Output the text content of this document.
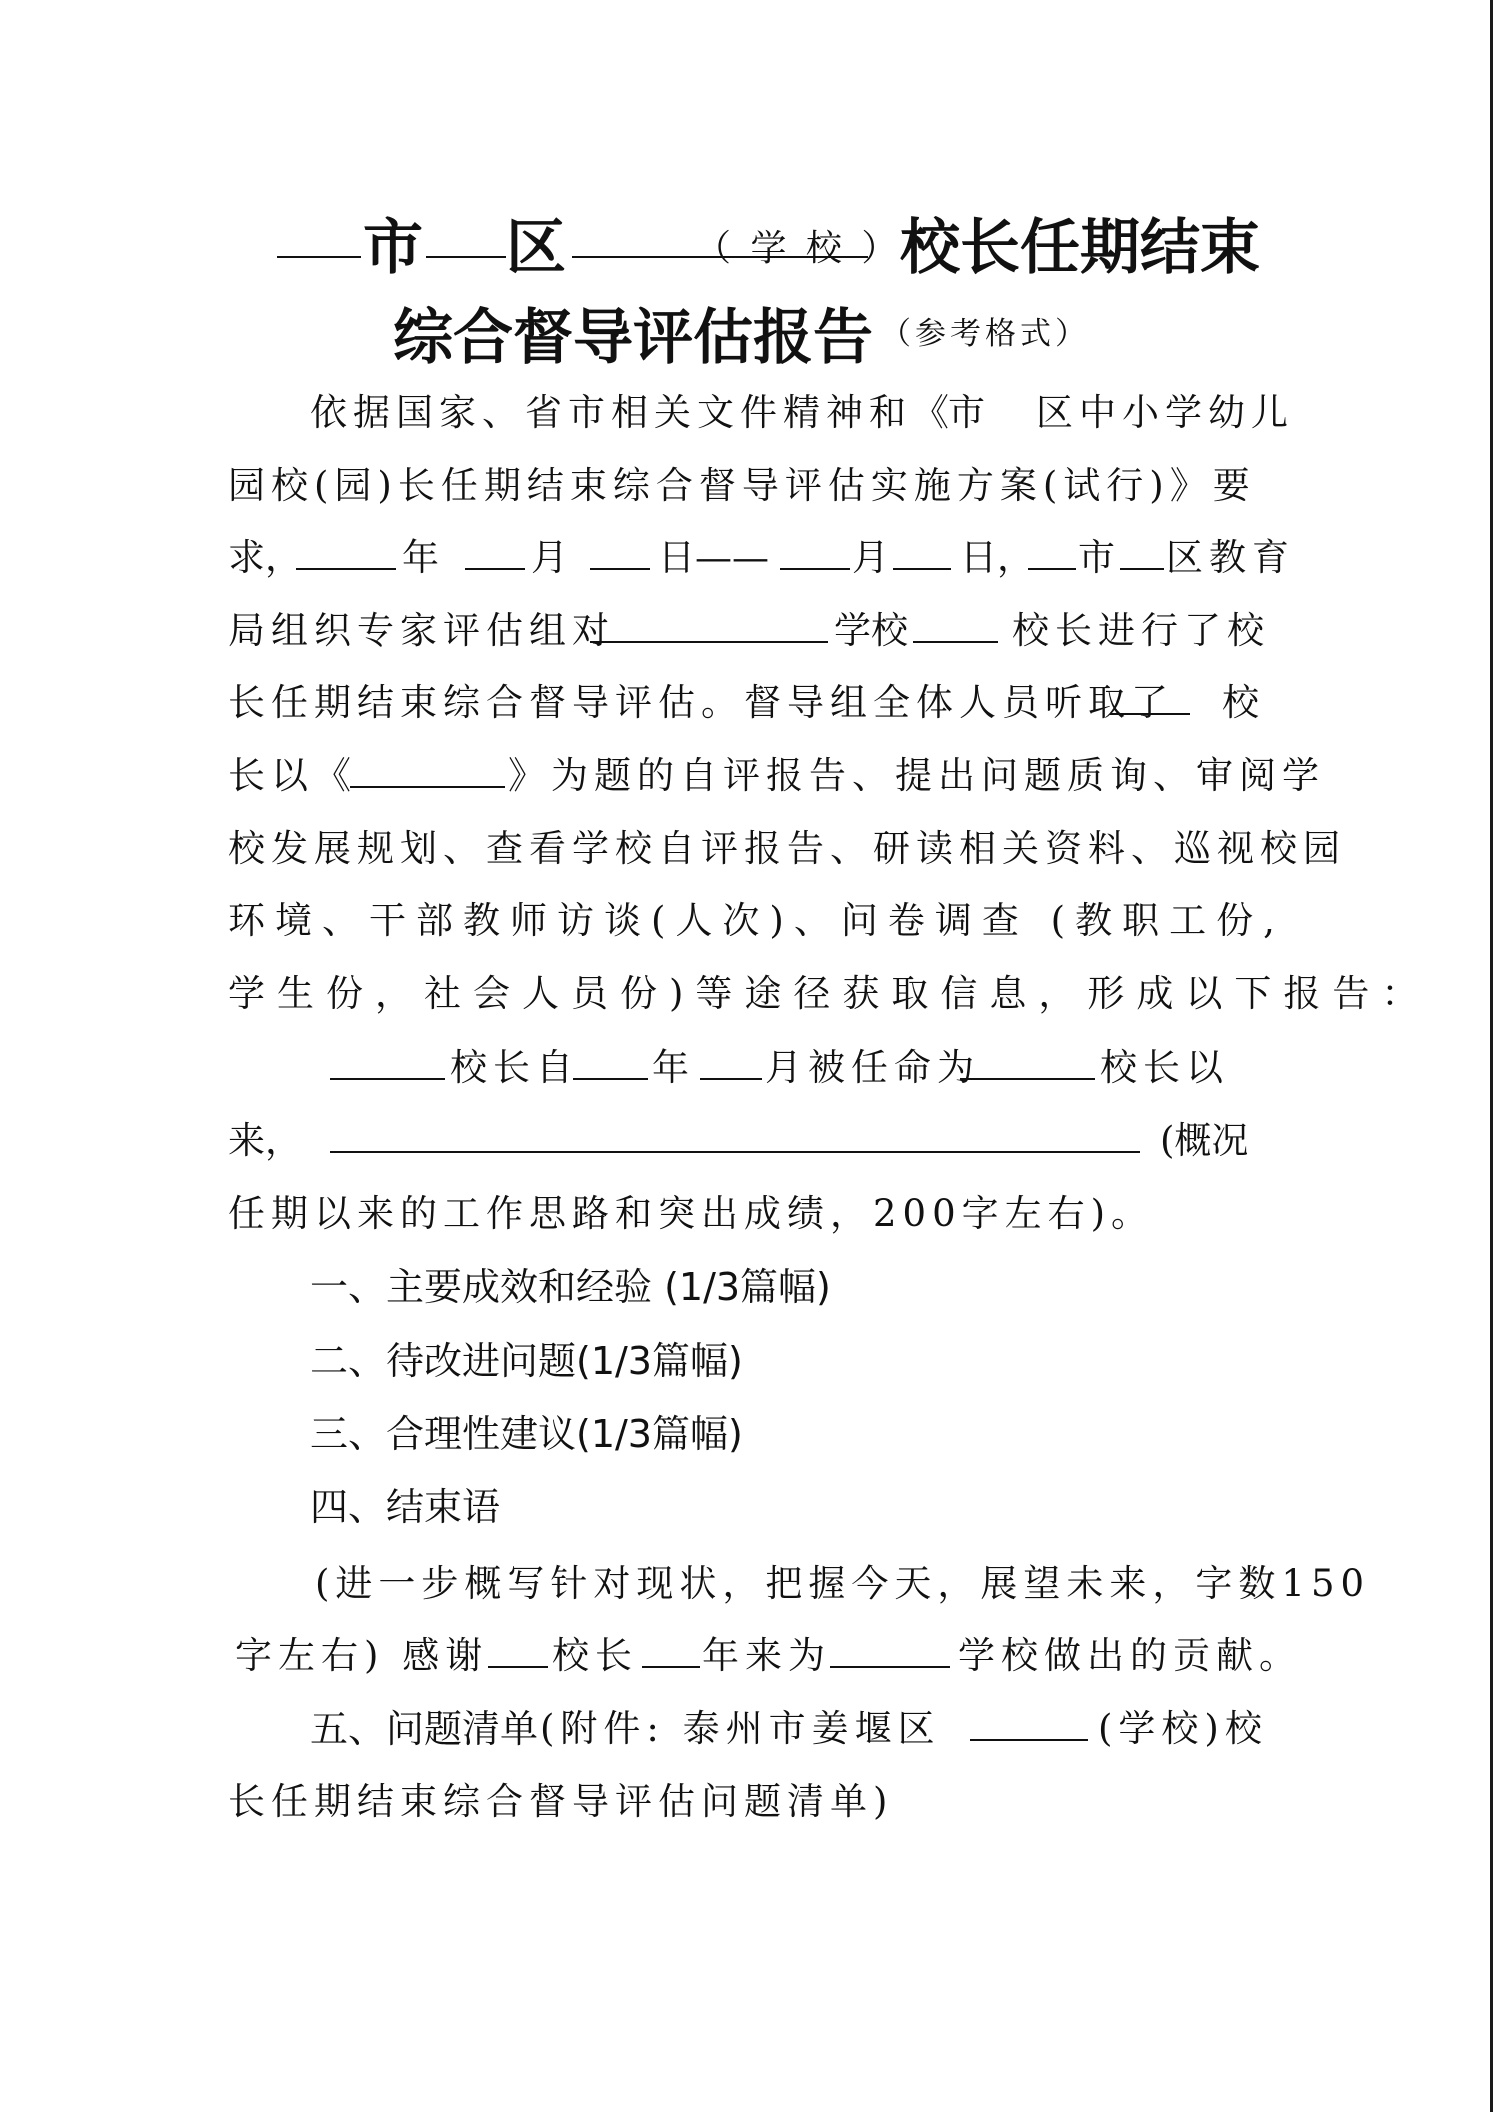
市 区	（ 学 校 ）
校长任期结束
综合督导评估报告 （参考格式）
依据国家、省市相关文件精神和《
市 区中小学幼儿
园校(园)长任期结束综合督导评估实施方案(试行)》要
求，	年 月 日—— 月 日， 市 区教育
局组织专家评估组对	学校	校长进行了校
长任期结束综合督导评估。督导组全体人员听取了 校
长以《	》为题的自评报告、提出问题质询、审阅学
校发展规划、查看学校自评报告、研读相关资料、巡视校园
环境、干部教师访谈(人次)、问卷调查 (教职工份,
学生份，社会人员份)等途径获取信息，形成以下报告：
校长自 年 月被任命为	校长以
来，	(概况
任期以来的工作思路和突出成绩，200字左右)。
一、主要成效和经验 (1/3篇幅)
二、待改进问题(1/3篇幅)
三、合理性建议(1/3篇幅)
四、结束语
(进一步概写针对现状，把握今天，展望未来，字数150
字左右) 感谢 校长 年来为	学校做出的贡献。
五、问题清单 (附件: 泰州市姜堰区	(学校)校
长任期结束综合督导评估问题清单)
